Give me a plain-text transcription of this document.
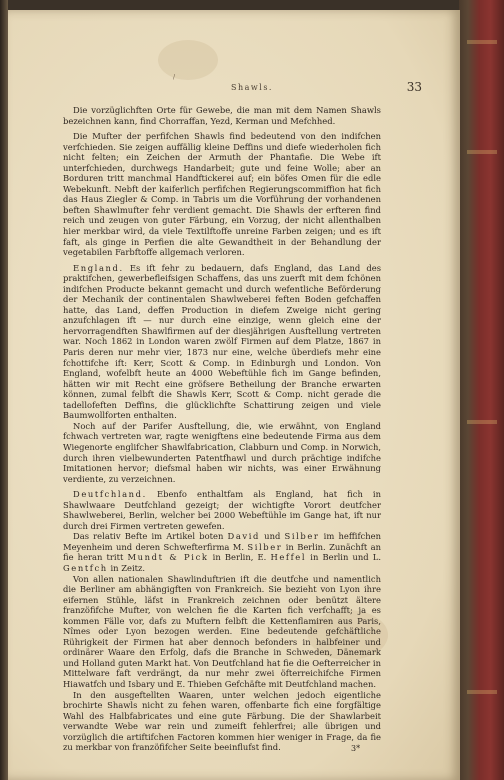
/
Shawls.	33

Die vorzüglichften Orte für Gewebe, die man mit dem Namen Shawls bezeichnen kann, find Chorraffan, Yezd, Kerman und Mefchhed.

Die Mufter der perfifchen Shawls find bedeutend von den indifchen verfchieden. Sie zeigen auffällig kleine Deffins und diefe wiederholen fich nicht felten; ein Zeichen der Armuth der Phantafie. Die Webe ift unterfchieden, durchwegs Handarbeit; gute und feine Wolle; aber an Borduren tritt manchmal Handftickerei auf; ein böfes Omen für die edle Webekunft. Nebft der kaiferlich perfifchen Regierungscommiffion hat fich das Haus Ziegler & Comp. in Tabris um die Vorführung der vorhandenen beften Shawlmufter fehr verdient gemacht. Die Shawls der erfteren find reich und zeugen von guter Färbung, ein Vorzug, der nicht allenthalben hier merkbar wird, da viele Textilftoffe unreine Farben zeigen; und es ift faft, als ginge in Perfien die alte Gewandtheit in der Behandlung der vegetabilen Farbftoffe allgemach verloren.

England. Es ift fehr zu bedauern, dafs England, das Land des praktifchen, gewerbefleifsigen Schaffens, das uns zuerft mit dem fchönen indifchen Producte bekannt gemacht und durch wefentliche Beförderung der Mechanik der continentalen Shawlweberei feften Boden gefchaffen hatte, das Land, deffen Production in diefem Zweige nicht gering anzufchlagen ift — nur durch eine einzige, wenn gleich eine der hervorragendften Shawlfirmen auf der diesjährigen Ausftellung vertreten war. Noch 1862 in London waren zwölf Firmen auf dem Platze, 1867 in Paris deren nur mehr vier, 1873 nur eine, welche überdiefs mehr eine fchottifche ift: Kerr, Scott & Comp. in Edinburgh und London. Von England, wofelbft heute an 4000 Webeftühle fich im Gange befinden, hätten wir mit Recht eine gröfsere Betheilung der Branche erwarten können, zumal felbft die Shawls Kerr, Scott & Comp. nicht gerade die tadellofeften Deffins, die glücklichfte Schattirung zeigen und viele Baumwollforten enthalten.

Noch auf der Parifer Ausftellung, die, wie erwähnt, von England fchwach vertreten war, ragte wenigftens eine bedeutende Firma aus dem Wiegenorte englifcher Shawlfabrication, Clabburn und Comp. in Norwich, durch ihren vielbewunderten Patentfhawl und durch prächtige indifche Imitationen hervor; diefsmal haben wir nichts, was einer Erwähnung verdiente, zu verzeichnen.

Deutfchland. Ebenfo enthaltfam als England, hat fich in Shawlwaare Deutfchland gezeigt; der wichtigfte Vorort deutfcher Shawlweberei, Berlin, welcher bei 2000 Webeftühle im Gange hat, ift nur durch drei Firmen vertreten gewefen.

Das relativ Befte im Artikel boten David und Silber im heffifchen Meyenheim und deren Schwefterfirma M. Silber in Berlin. Zunächft an fie heran tritt Mundt & Pick in Berlin, E. Heffel in Berlin und L. Gentfch in Zeitz.

Von allen nationalen Shawlinduftrien ift die deutfche und namentlich die Berliner am abhängigften von Frankreich. Sie bezieht von Lyon ihre eifernen Stühle, läfst in Frankreich zeichnen oder benützt ältere franzöfifche Mufter, von welchen fie die Karten fich verfchafft; ja es kommen Fälle vor, dafs zu Muftern felbft die Kettenflamiren aus Paris, Nîmes oder Lyon bezogen werden. Eine bedeutende gefchäftliche Rührigkeit der Firmen hat aber dennoch befonders in halbfeiner und ordinärer Waare den Erfolg, dafs die Branche in Schweden, Dänemark und Holland guten Markt hat. Von Deutfchland hat fie die Oefterreicher in Mittelware faft verdrängt, da nur mehr zwei öfterreichifche Firmen Hiawatfch und Isbary und E. Thieben Gefchäfte mit Deutfchland machen.

In den ausgeftellten Waaren, unter welchen jedoch eigentliche brochirte Shawls nicht zu fehen waren, offenbarte fich eine forgfältige Wahl des Halbfabricates und eine gute Färbung. Die der Shawlarbeit verwandte Webe war rein und zumeift fehlerfrei; alle übrigen und vorzüglich die artiftifchen Factoren kommen hier weniger in Frage, da fie zu merkbar von franzöfifcher Seite beeinflufst find.	3*
